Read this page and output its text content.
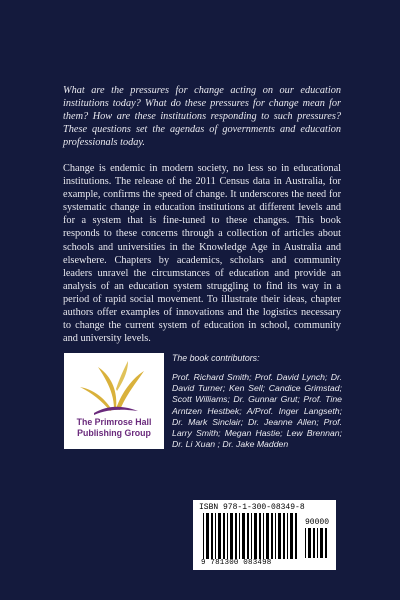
What are the pressures for change acting on our education institutions today? What do these pressures for change mean for them? How are these institutions responding to such pressures? These questions set the agendas of governments and education professionals today.

Change is endemic in modern society, no less so in educational institutions. The release of the 2011 Census data in Australia, for example, confirms the speed of change. It underscores the need for systematic change in education institutions at different levels and for a system that is fine-tuned to these changes. This book responds to these concerns through a collection of articles about schools and universities in the Knowledge Age in Australia and elsewhere. Chapters by academics, scholars and community leaders unravel the circumstances of education and provide an analysis of an education system struggling to find its way in a period of rapid social movement. To illustrate their ideas, chapter authors offer examples of innovations and the logistics necessary to change the current system of education in school, community and university levels.

The Primrose Hall
Publishing Group

The book contributors:

Prof. Richard Smith; Prof. David Lynch; Dr. David Turner; Ken Sell; Candice Grimstad; Scott Williams; Dr. Gunnar Grut; Prof. Tine Arntzen Hestbek; A/Prof. Inger Langseth; Dr. Mark Sinclair; Dr. Jeanne Allen; Prof. Larry Smith; Megan Hastie; Lew Brennan; Dr. Li Xuan ; Dr. Jake Madden

ISBN 978-1-300-08349-8
90000
9 781300 083498
